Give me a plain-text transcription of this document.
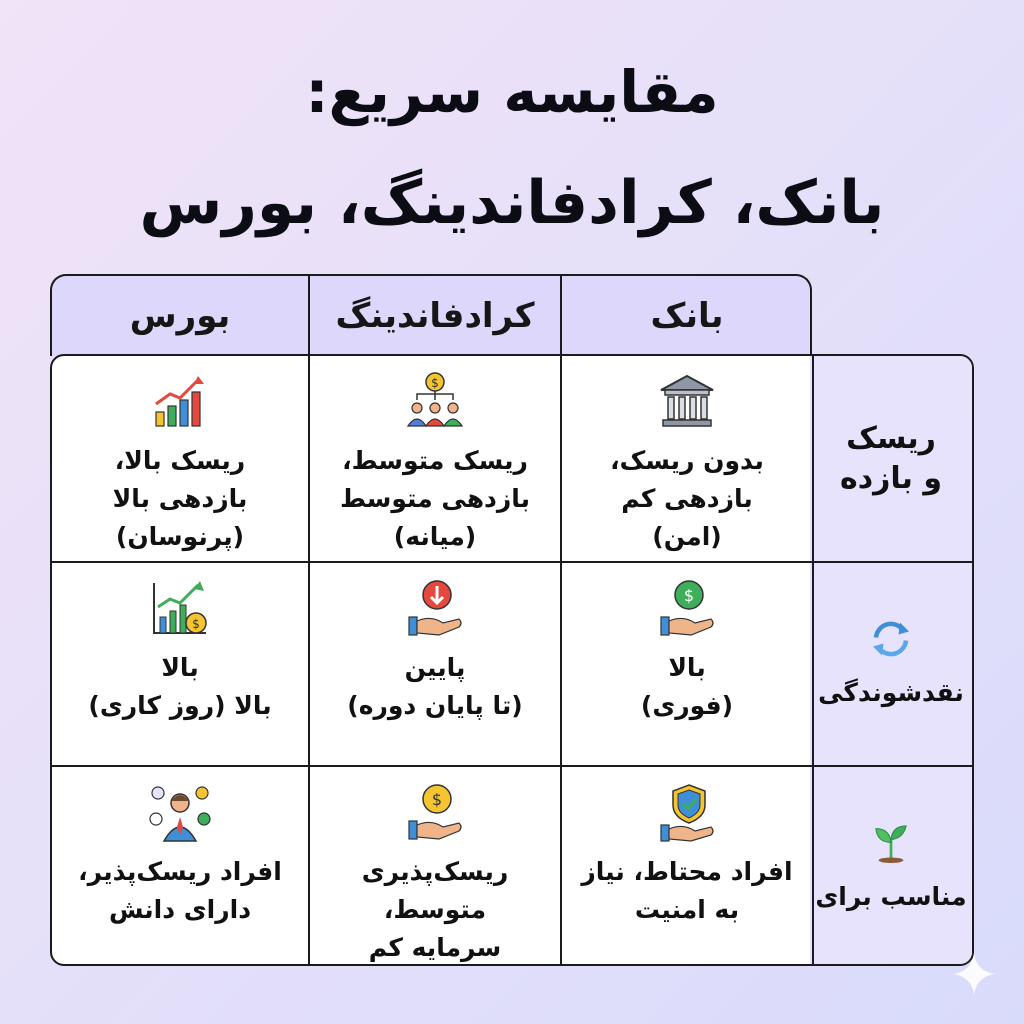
مقایسه سریع:
بانک، کرادفاندینگ، بورس
بورس	کرادفاندینگ	بانک
ریسک
و بازده
بدون ریسک،
بازدهی کم
(امن)
$
ریسک متوسط،
بازدهی متوسط
(میانه)
ریسک بالا،
بازدهی بالا
(پرنوسان)
نقدشوندگی
$
بالا
(فوری)
پایین
(تا پایان دوره)
$
بالا
بالا (روز کاری)
مناسب برای
افراد محتاط، نیاز
به امنیت
$
ریسک‌پذیری متوسط،
سرمایه کم
افراد ریسک‌پذیر،
دارای دانش
